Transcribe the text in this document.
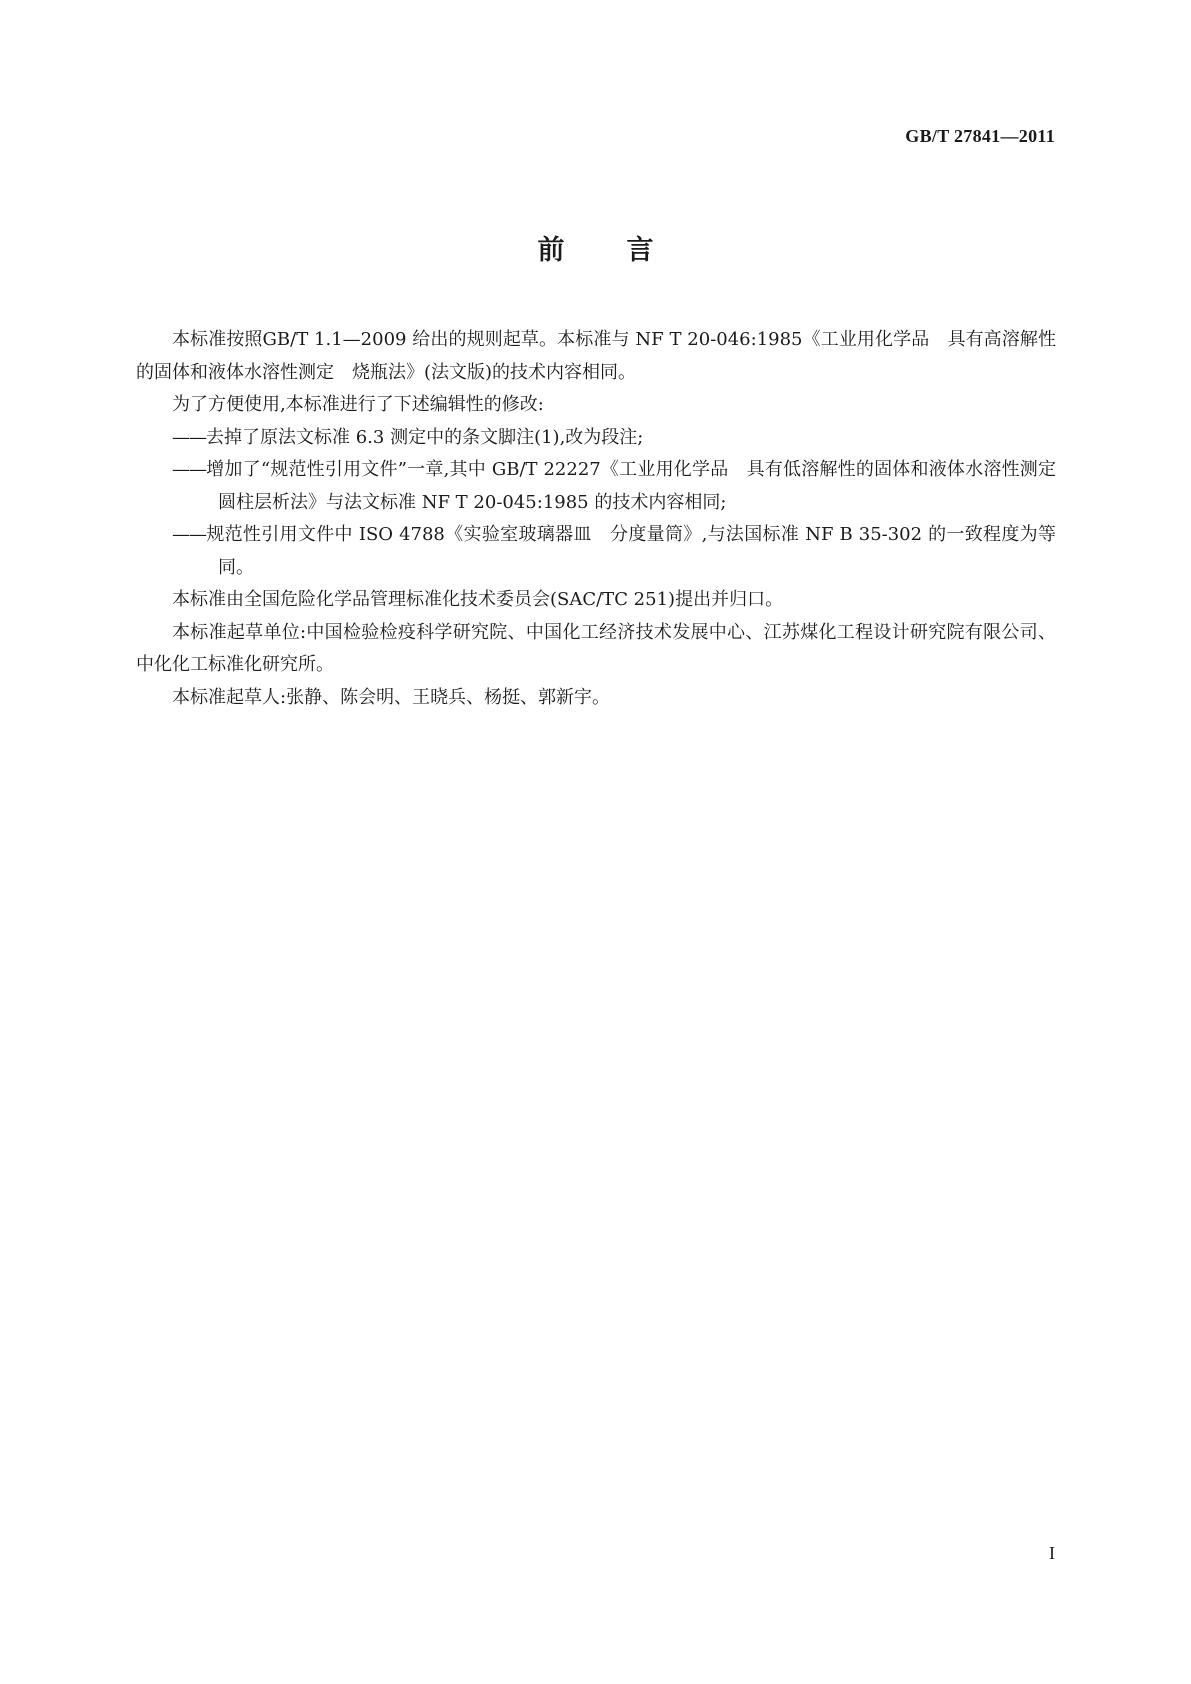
GB/T 27841—2011
前言

本标准按照GB/T 1.1—2009 给出的规则起草。本标准与 NF T 20-046:1985《工业用化学品　具有高溶解性的固体和液体水溶性测定　烧瓶法》(法文版)的技术内容相同。

为了方便使用,本标准进行了下述编辑性的修改:

——去掉了原法文标准 6.3 测定中的条文脚注(1),改为段注;

——增加了“规范性引用文件”一章,其中 GB/T 22227《工业用化学品　具有低溶解性的固体和液体水溶性测定　圆柱层析法》与法文标准 NF T 20-045:1985 的技术内容相同;

——规范性引用文件中 ISO 4788《实验室玻璃器皿　分度量筒》,与法国标准 NF B 35-302 的一致程度为等同。

本标准由全国危险化学品管理标准化技术委员会(SAC/TC 251)提出并归口。

本标准起草单位:中国检验检疫科学研究院、中国化工经济技术发展中心、江苏煤化工程设计研究院有限公司、中化化工标准化研究所。

本标准起草人:张静、陈会明、王晓兵、杨挺、郭新宇。

I
